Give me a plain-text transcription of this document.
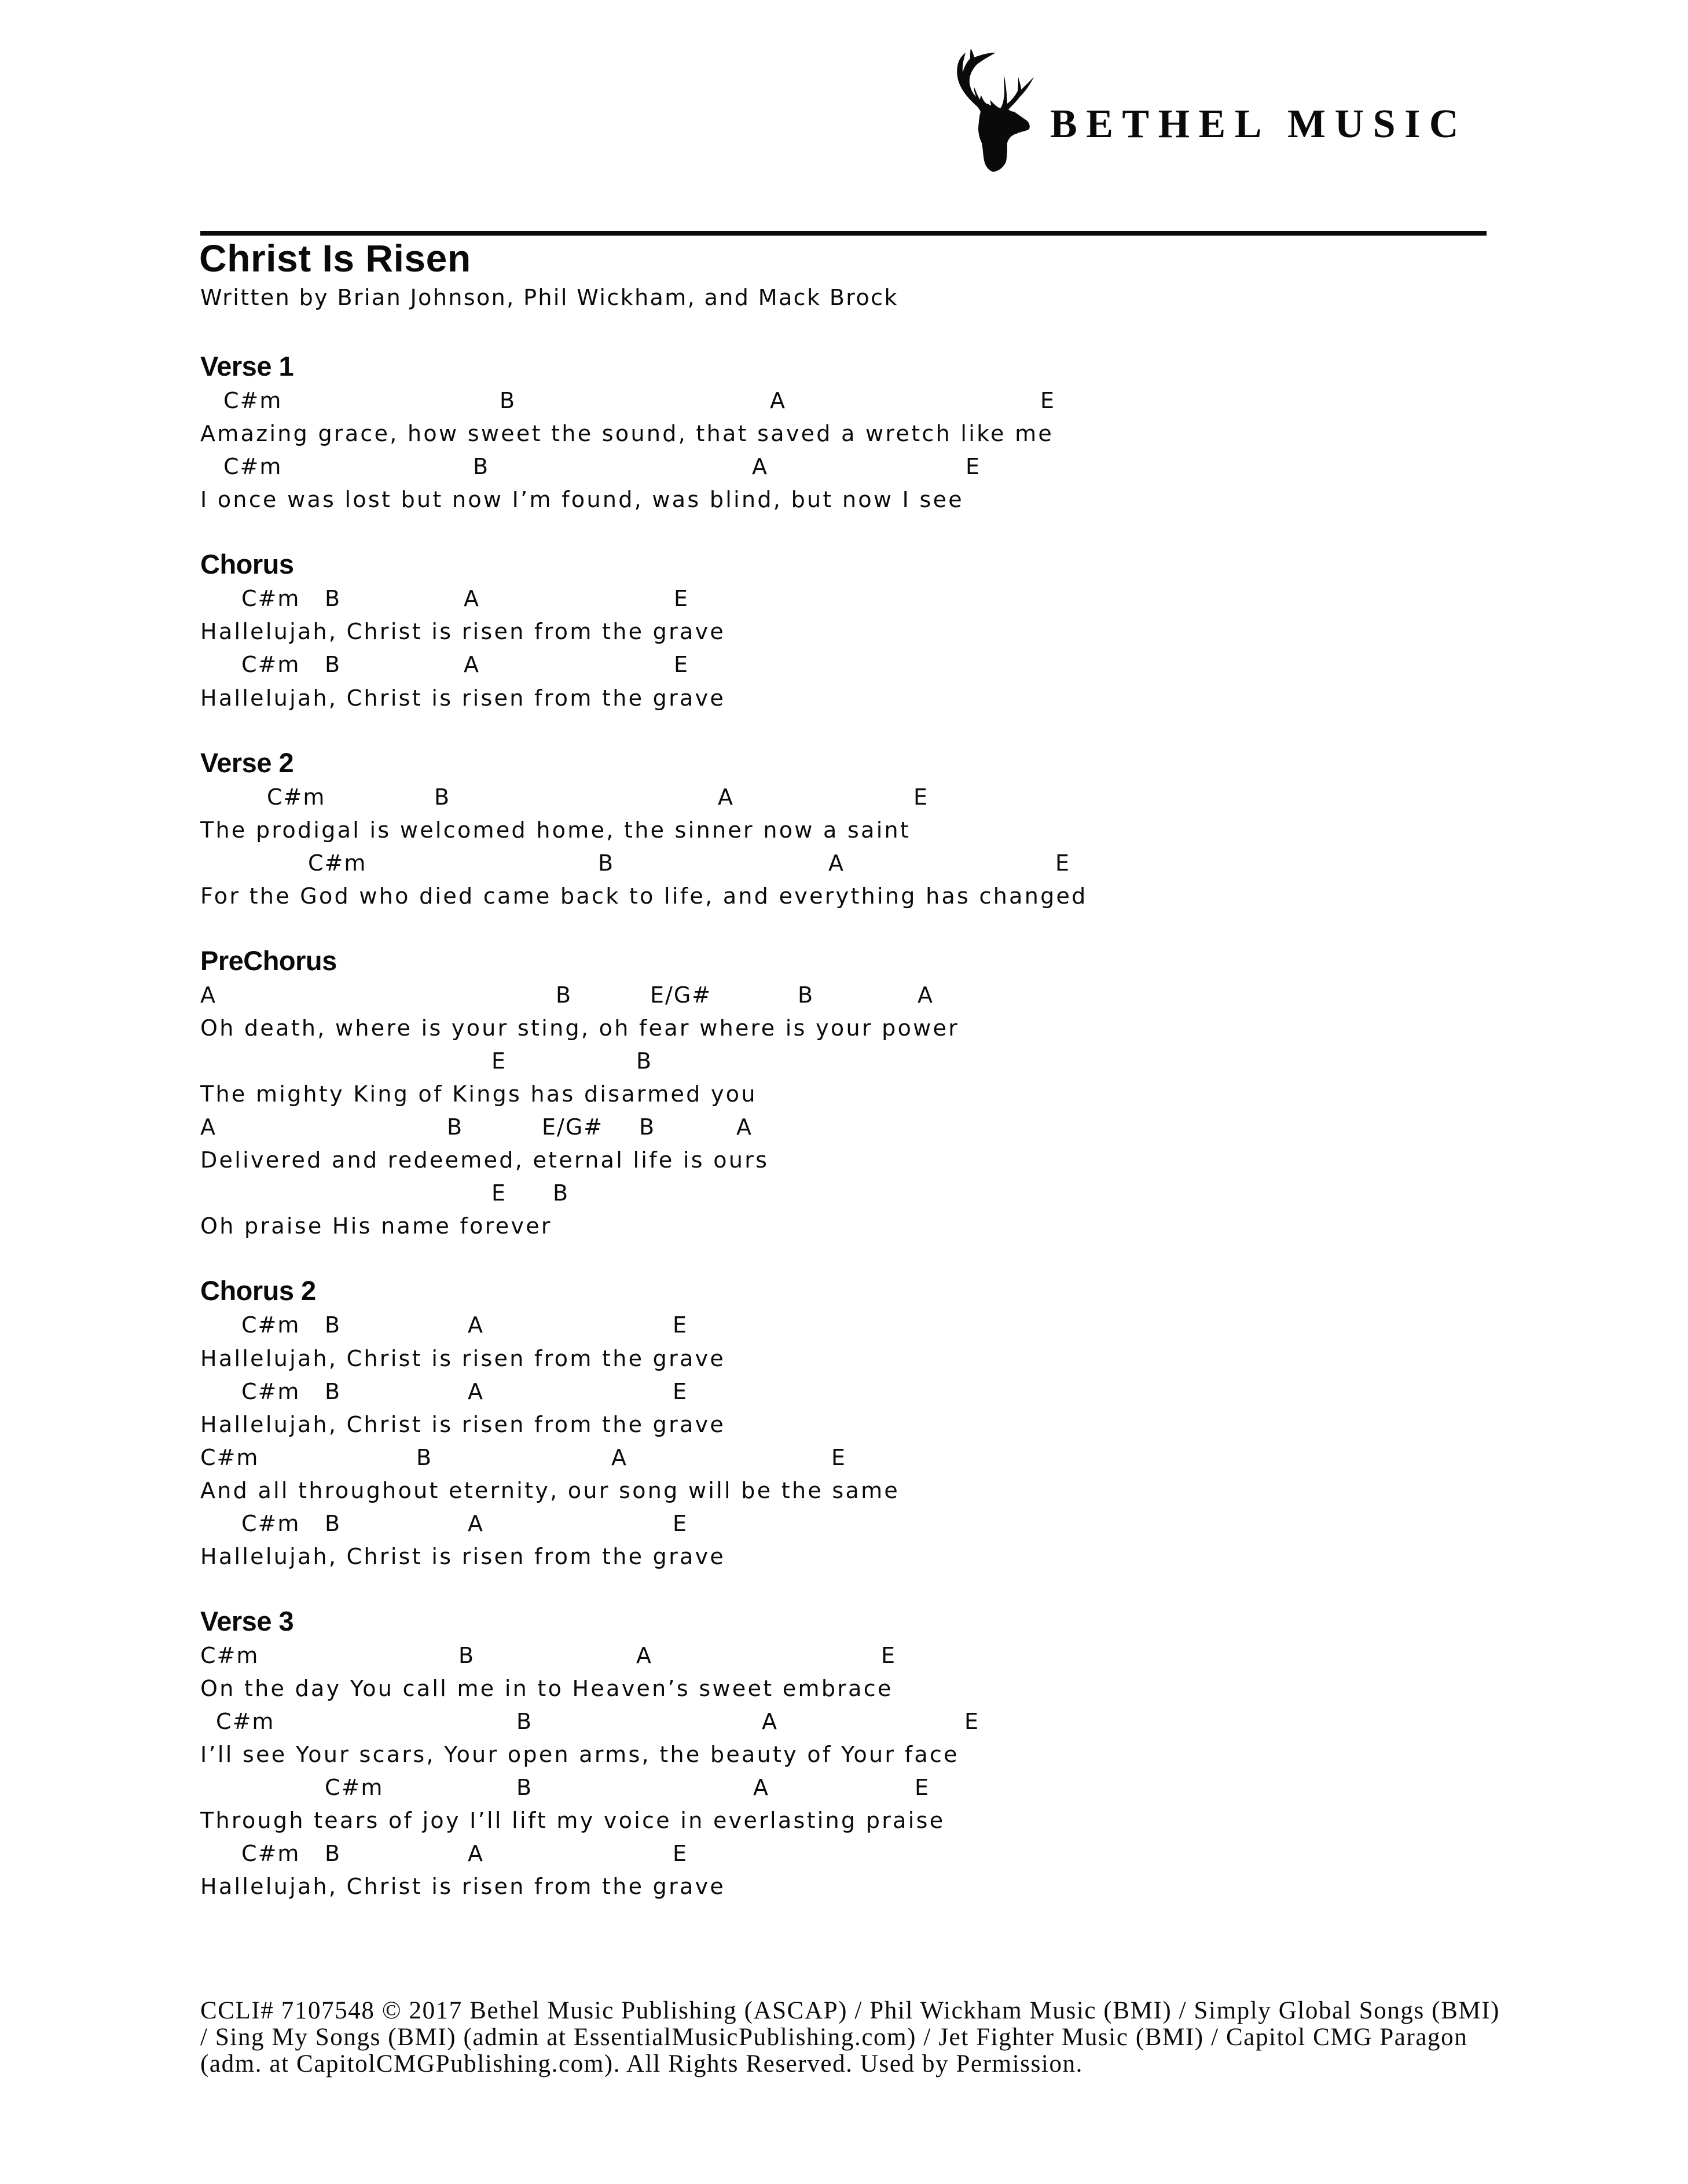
BETHEL MUSIC
Christ Is Risen
Written by Brian Johnson, Phil Wickham, and Mack Brock
Verse 1
C#m	B	A	E
Amazing grace, how sweet the sound, that saved a wretch like me
C#m	B	A	E
I once was lost but now I’m found, was blind, but now I see
Chorus
C#m B	A	E
Hallelujah, Christ is risen from the grave
C#m B	A	E
Hallelujah, Christ is risen from the grave
Verse 2
C#m	B	A	E
The prodigal is welcomed home, the sinner now a saint
C#m	B	A	E
For the God who died came back to life, and everything has changed
PreChorus
A	B	E/G#	B	A
Oh death, where is your sting, oh fear where is your power
E	B
The mighty King of Kings has disarmed you
A	B	E/G# B	A
Delivered and redeemed, eternal life is ours
E B
Oh praise His name forever
Chorus 2
C#m B	A	E
Hallelujah, Christ is risen from the grave
C#m B	A	E
Hallelujah, Christ is risen from the grave
C#m	B	A	E
And all throughout eternity, our song will be the same
C#m B	A	E
Hallelujah, Christ is risen from the grave
Verse 3
C#m	B	A	E
On the day You call me in to Heaven’s sweet embrace
C#m	B	A	E
I’ll see Your scars, Your open arms, the beauty of Your face
C#m	B	A	E
Through tears of joy I’ll lift my voice in everlasting praise
C#m B	A	E
Hallelujah, Christ is risen from the grave
CCLI# 7107548 © 2017 Bethel Music Publishing (ASCAP) / Phil Wickham Music (BMI) / Simply Global Songs (BMI)
/ Sing My Songs (BMI) (admin at EssentialMusicPublishing.com) / Jet Fighter Music (BMI) / Capitol CMG Paragon
(adm. at CapitolCMGPublishing.com). All Rights Reserved. Used by Permission.
